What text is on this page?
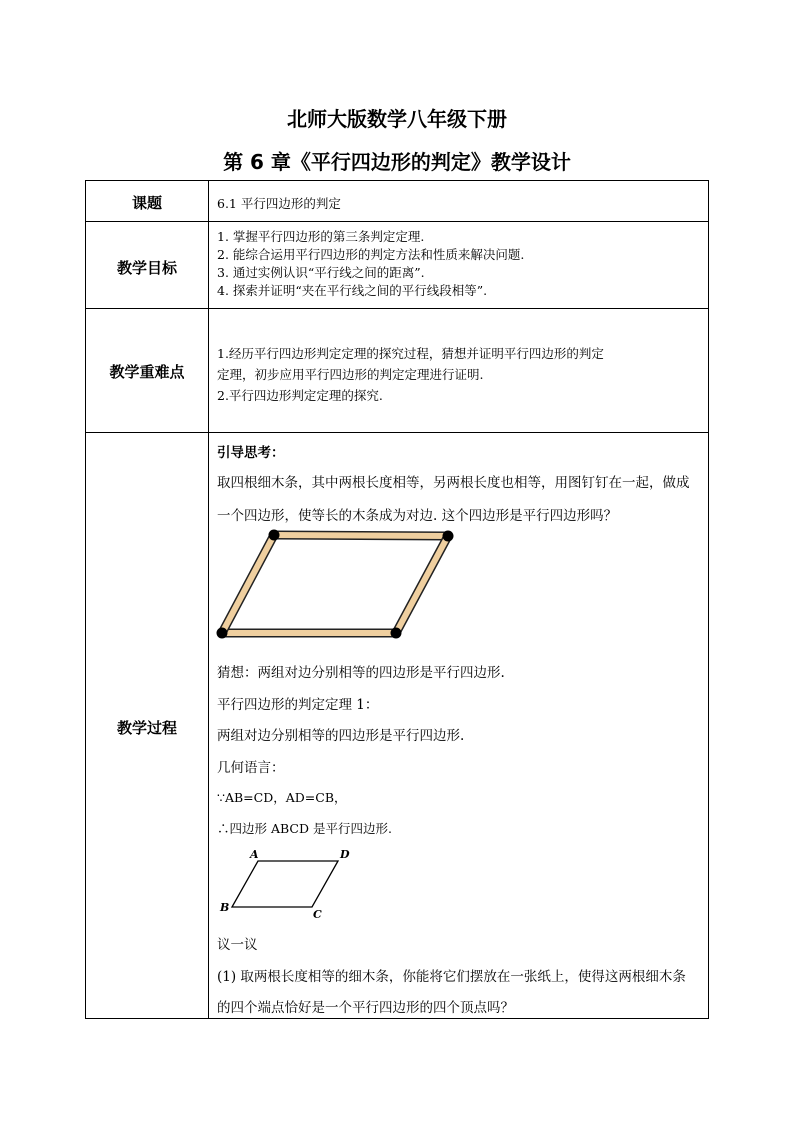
北师大版数学八年级下册
第 6 章《平行四边形的判定》教学设计
课题	6.1 平行四边形的判定
教学目标
1. 掌握平行四边形的第三条判定定理.
2. 能综合运用平行四边形的判定方法和性质来解决问题.
3. 通过实例认识“平行线之间的距离”.
4. 探索并证明“夹在平行线之间的平行线段相等”.
教学重难点
1.经历平行四边形判定定理的探究过程，猜想并证明平行四边形的判定
定理，初步应用平行四边形的判定定理进行证明.
2.平行四边形判定定理的探究.
教学过程
引导思考：
取四根细木条，其中两根长度相等，另两根长度也相等，用图钉钉在一起，做成
一个四边形，使等长的木条成为对边. 这个四边形是平行四边形吗？
猜想：两组对边分别相等的四边形是平行四边形.
平行四边形的判定定理 1：
两组对边分别相等的四边形是平行四边形.
几何语言：
∵AB=CD，AD=CB，
∴四边形 ABCD 是平行四边形.
A	D
B
C
议一议
(1) 取两根长度相等的细木条，你能将它们摆放在一张纸上，使得这两根细木条
的四个端点恰好是一个平行四边形的四个顶点吗？
